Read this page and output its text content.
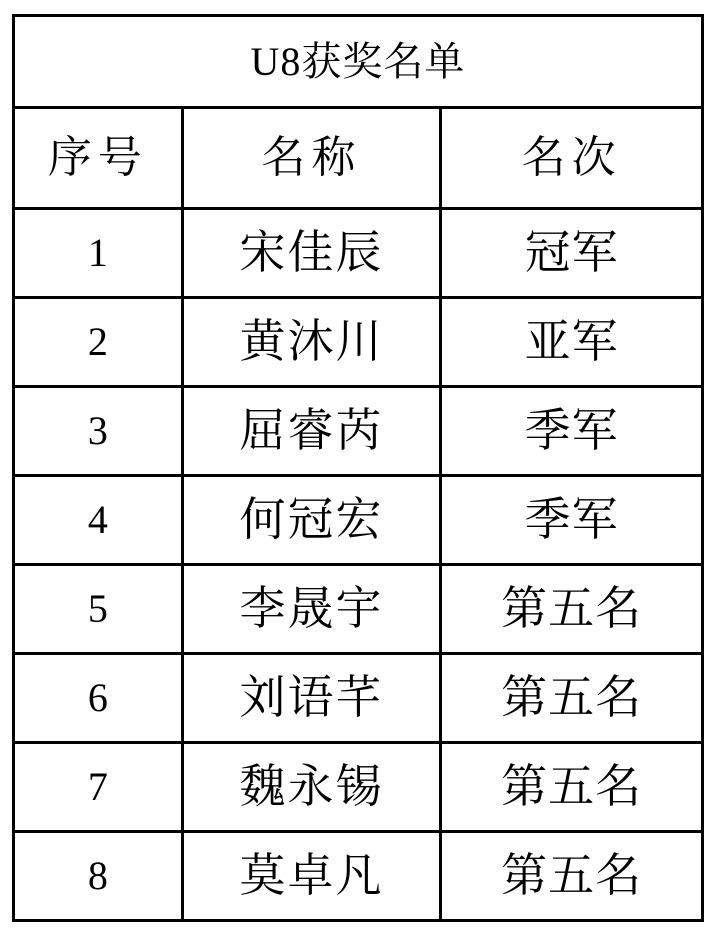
U8获奖名单		
序号	名称	名次
1	宋佳辰	冠军
2	黄沐川	亚军
3	屈睿芮	季军
4	何冠宏	季军
5	李晟宇	第五名
6	刘语芊	第五名
7	魏永锡	第五名
8	莫卓凡	第五名
